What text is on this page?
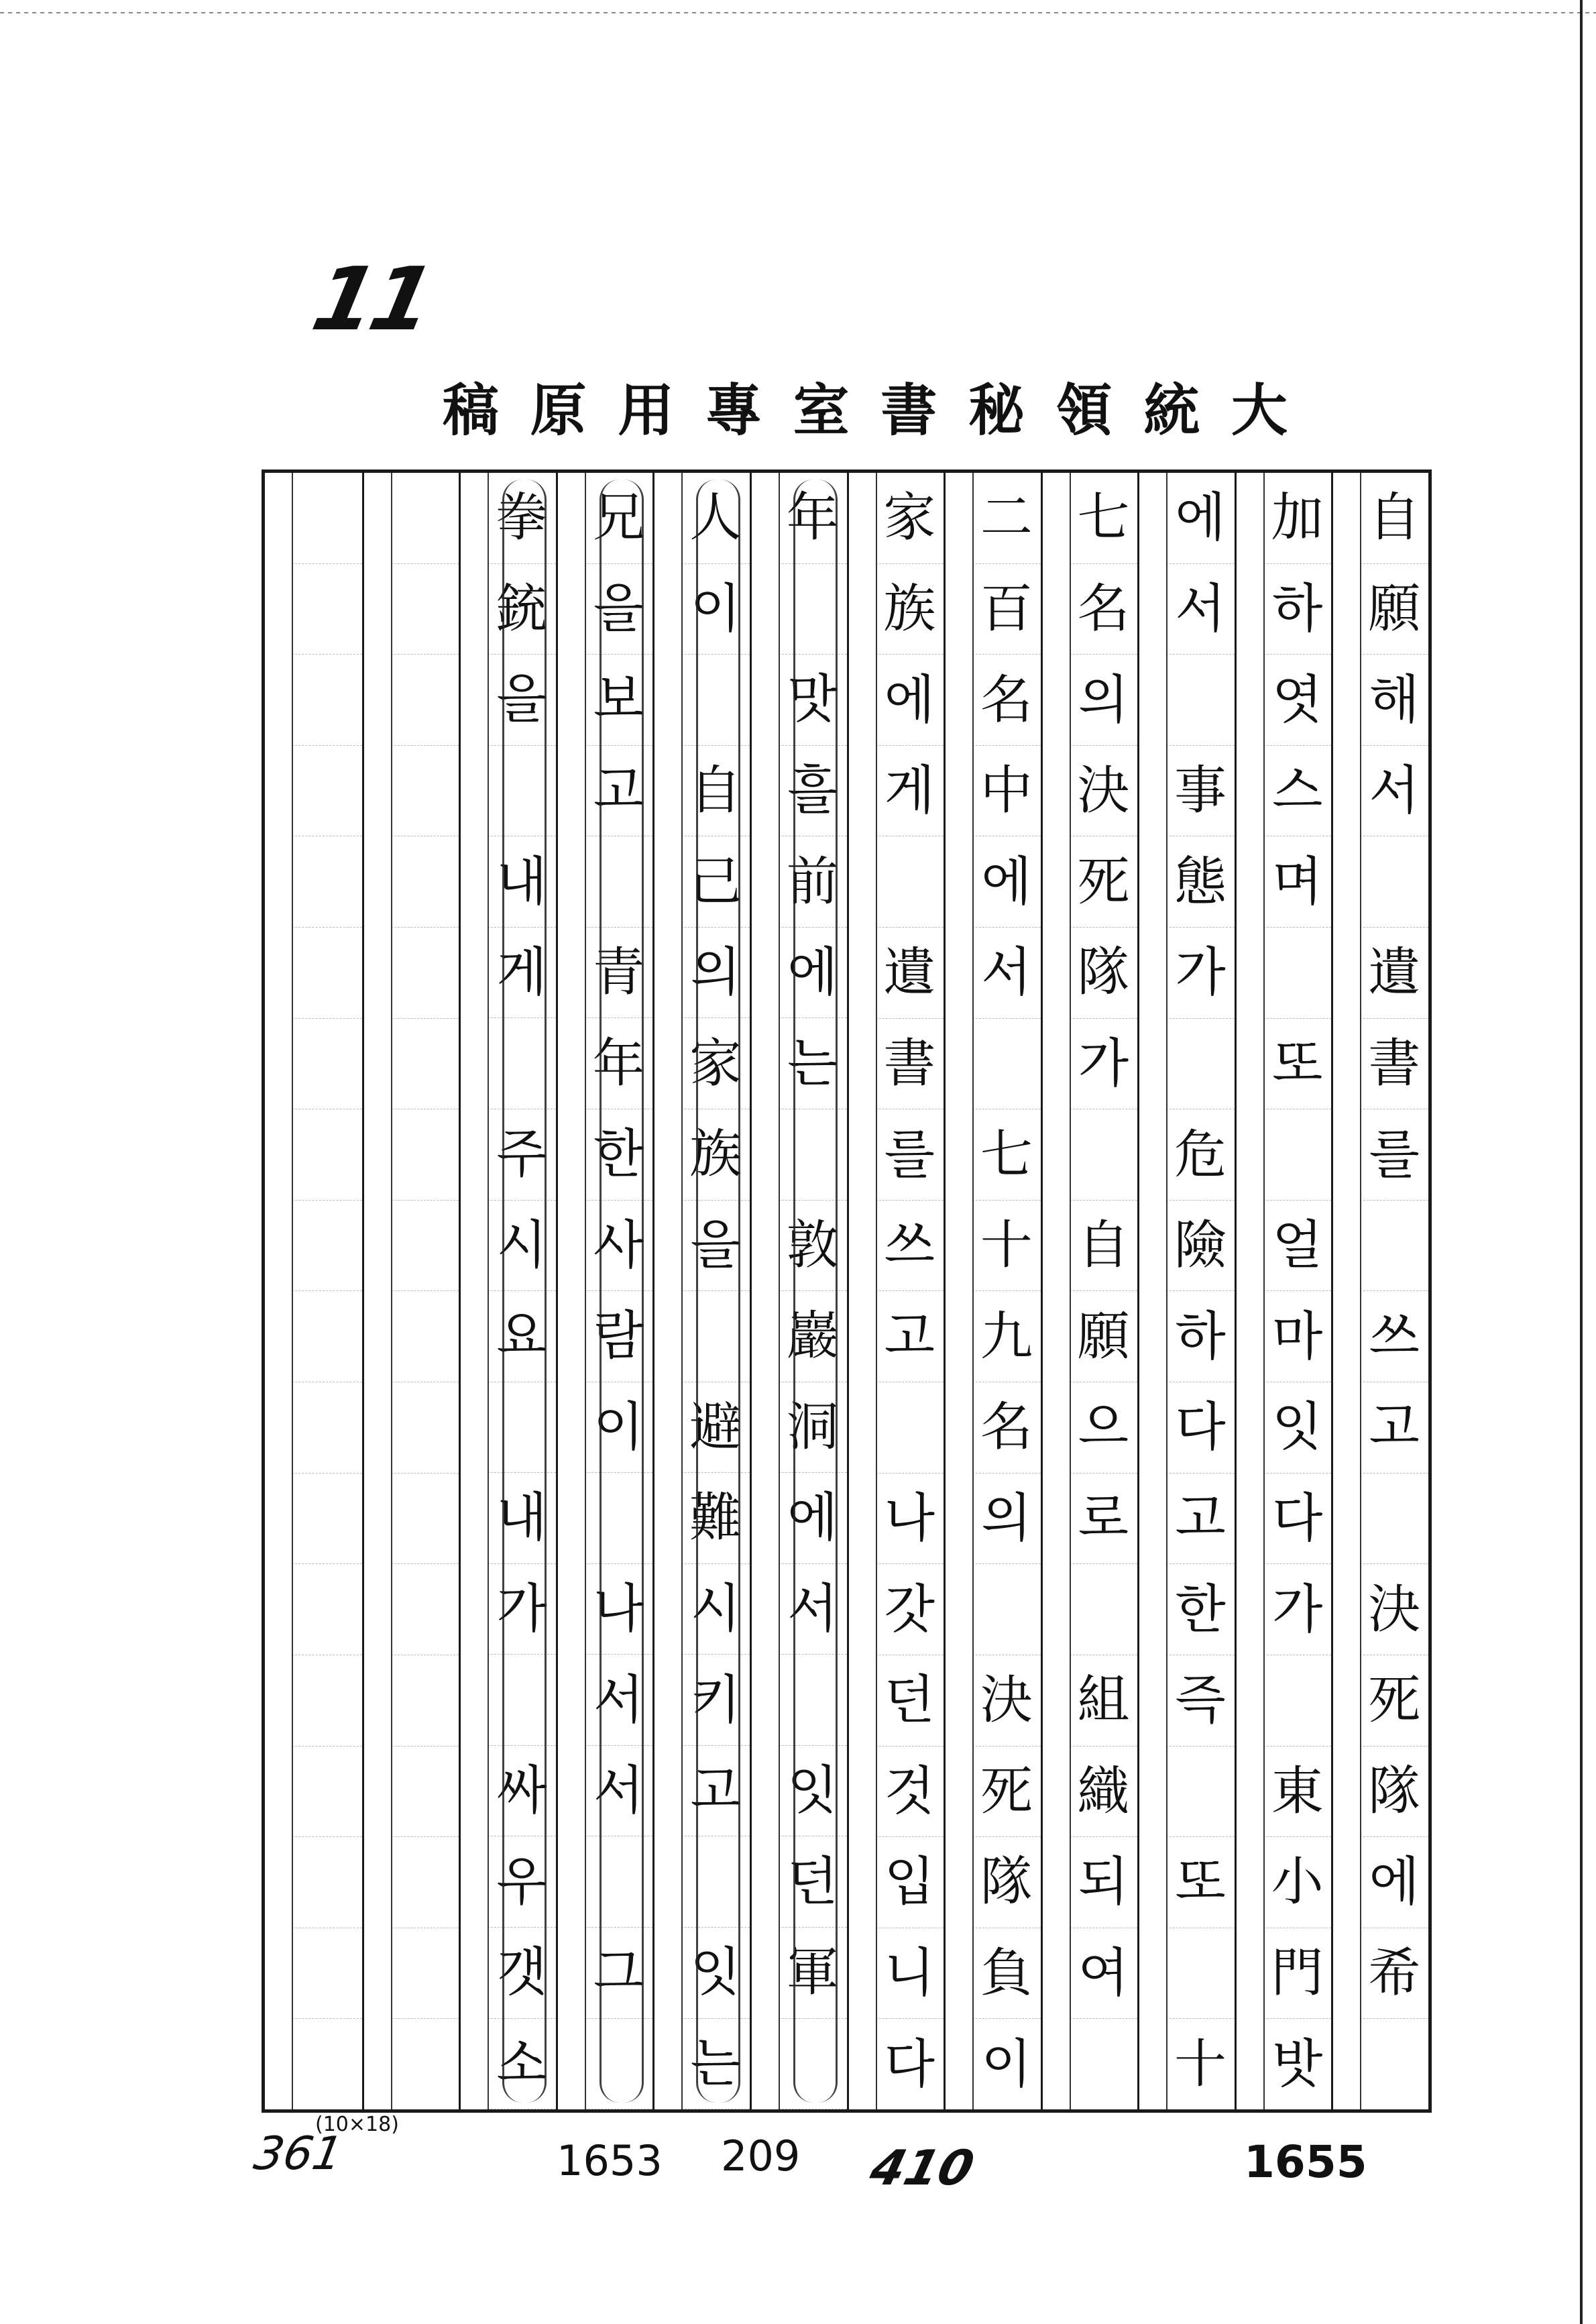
11
稿 原 用 專 室 書 秘 領 統 大
自
願
해
서
遺
書
를
쓰
고
決
死
隊
에
希
加
하
엿
스
며
또
얼
마
잇
다
가
東
小
門
밧
에
서
事
態
가
危
險
하
다
고
한
즉
또
十
七
名
의
決
死
隊
가
自
願
으
로
組
織
되
여
二
百
名
中
에
서
七
十
九
名
의
決
死
隊
負
이
家
族
에
게
遺
書
를
쓰
고
나
갓
던
것
입
니
다
年
맛
흘
前
에
는
敦
巖
洞
에
서
잇
던
軍
人
이
自
己
의
家
族
을
避
難
시
키
고
잇
는
兄
을
보
고
青
年
한
사
람
이
나
서
서
그
拳
銃
을
내
게
주
시
요
내
가
싸
우
갯
소
361
(10×18)
1653 209 410	1655
